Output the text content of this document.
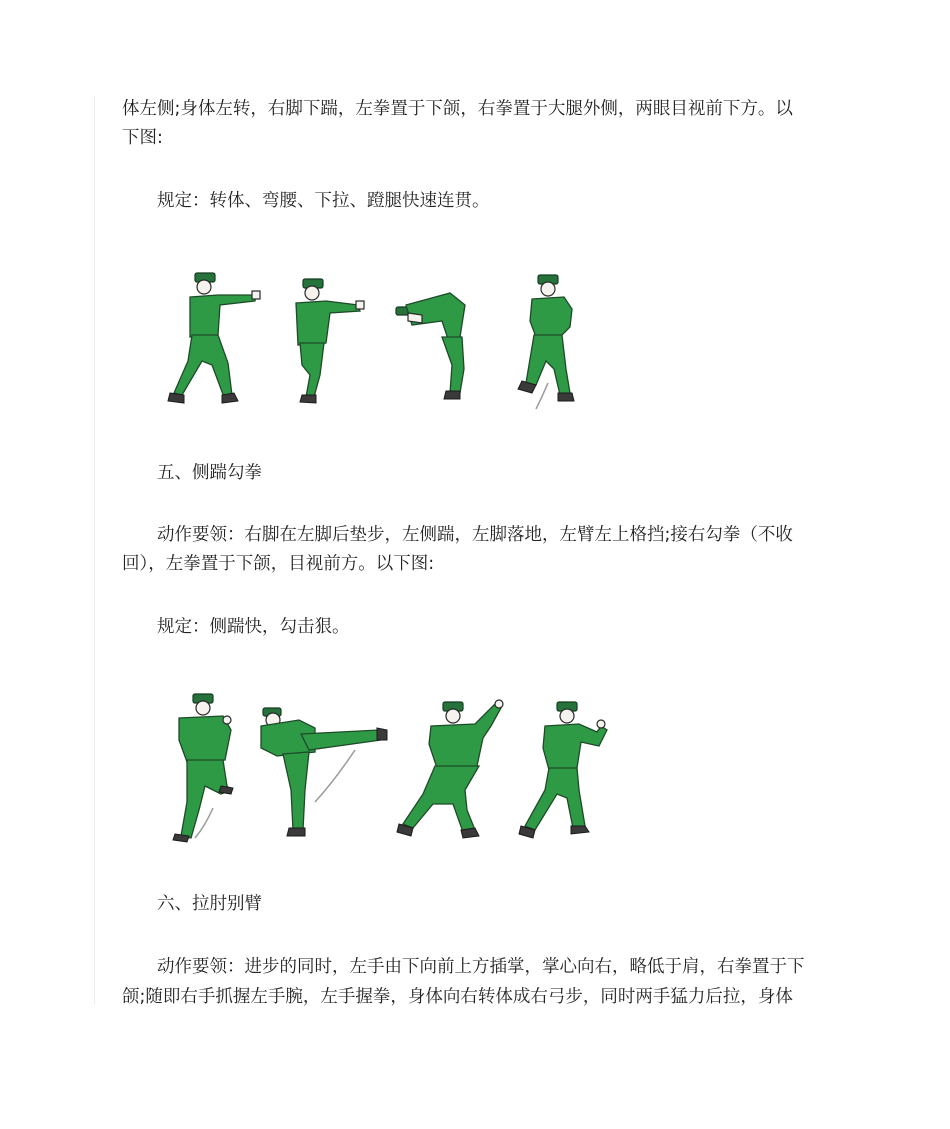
体左侧;身体左转，右脚下踹，左拳置于下颌，右拳置于大腿外侧，两眼目视前下方。以
下图:
规定：转体、弯腰、下拉、蹬腿快速连贯。
五、侧踹勾拳
动作要领：右脚在左脚后垫步，左侧踹，左脚落地，左臂左上格挡;接右勾拳（不收
回），左拳置于下颌，目视前方。以下图:
规定：侧踹快，勾击狠。
六、拉肘别臂
动作要领：进步的同时，左手由下向前上方插掌，掌心向右，略低于肩，右拳置于下
颌;随即右手抓握左手腕，左手握拳，身体向右转体成右弓步，同时两手猛力后拉，身体
